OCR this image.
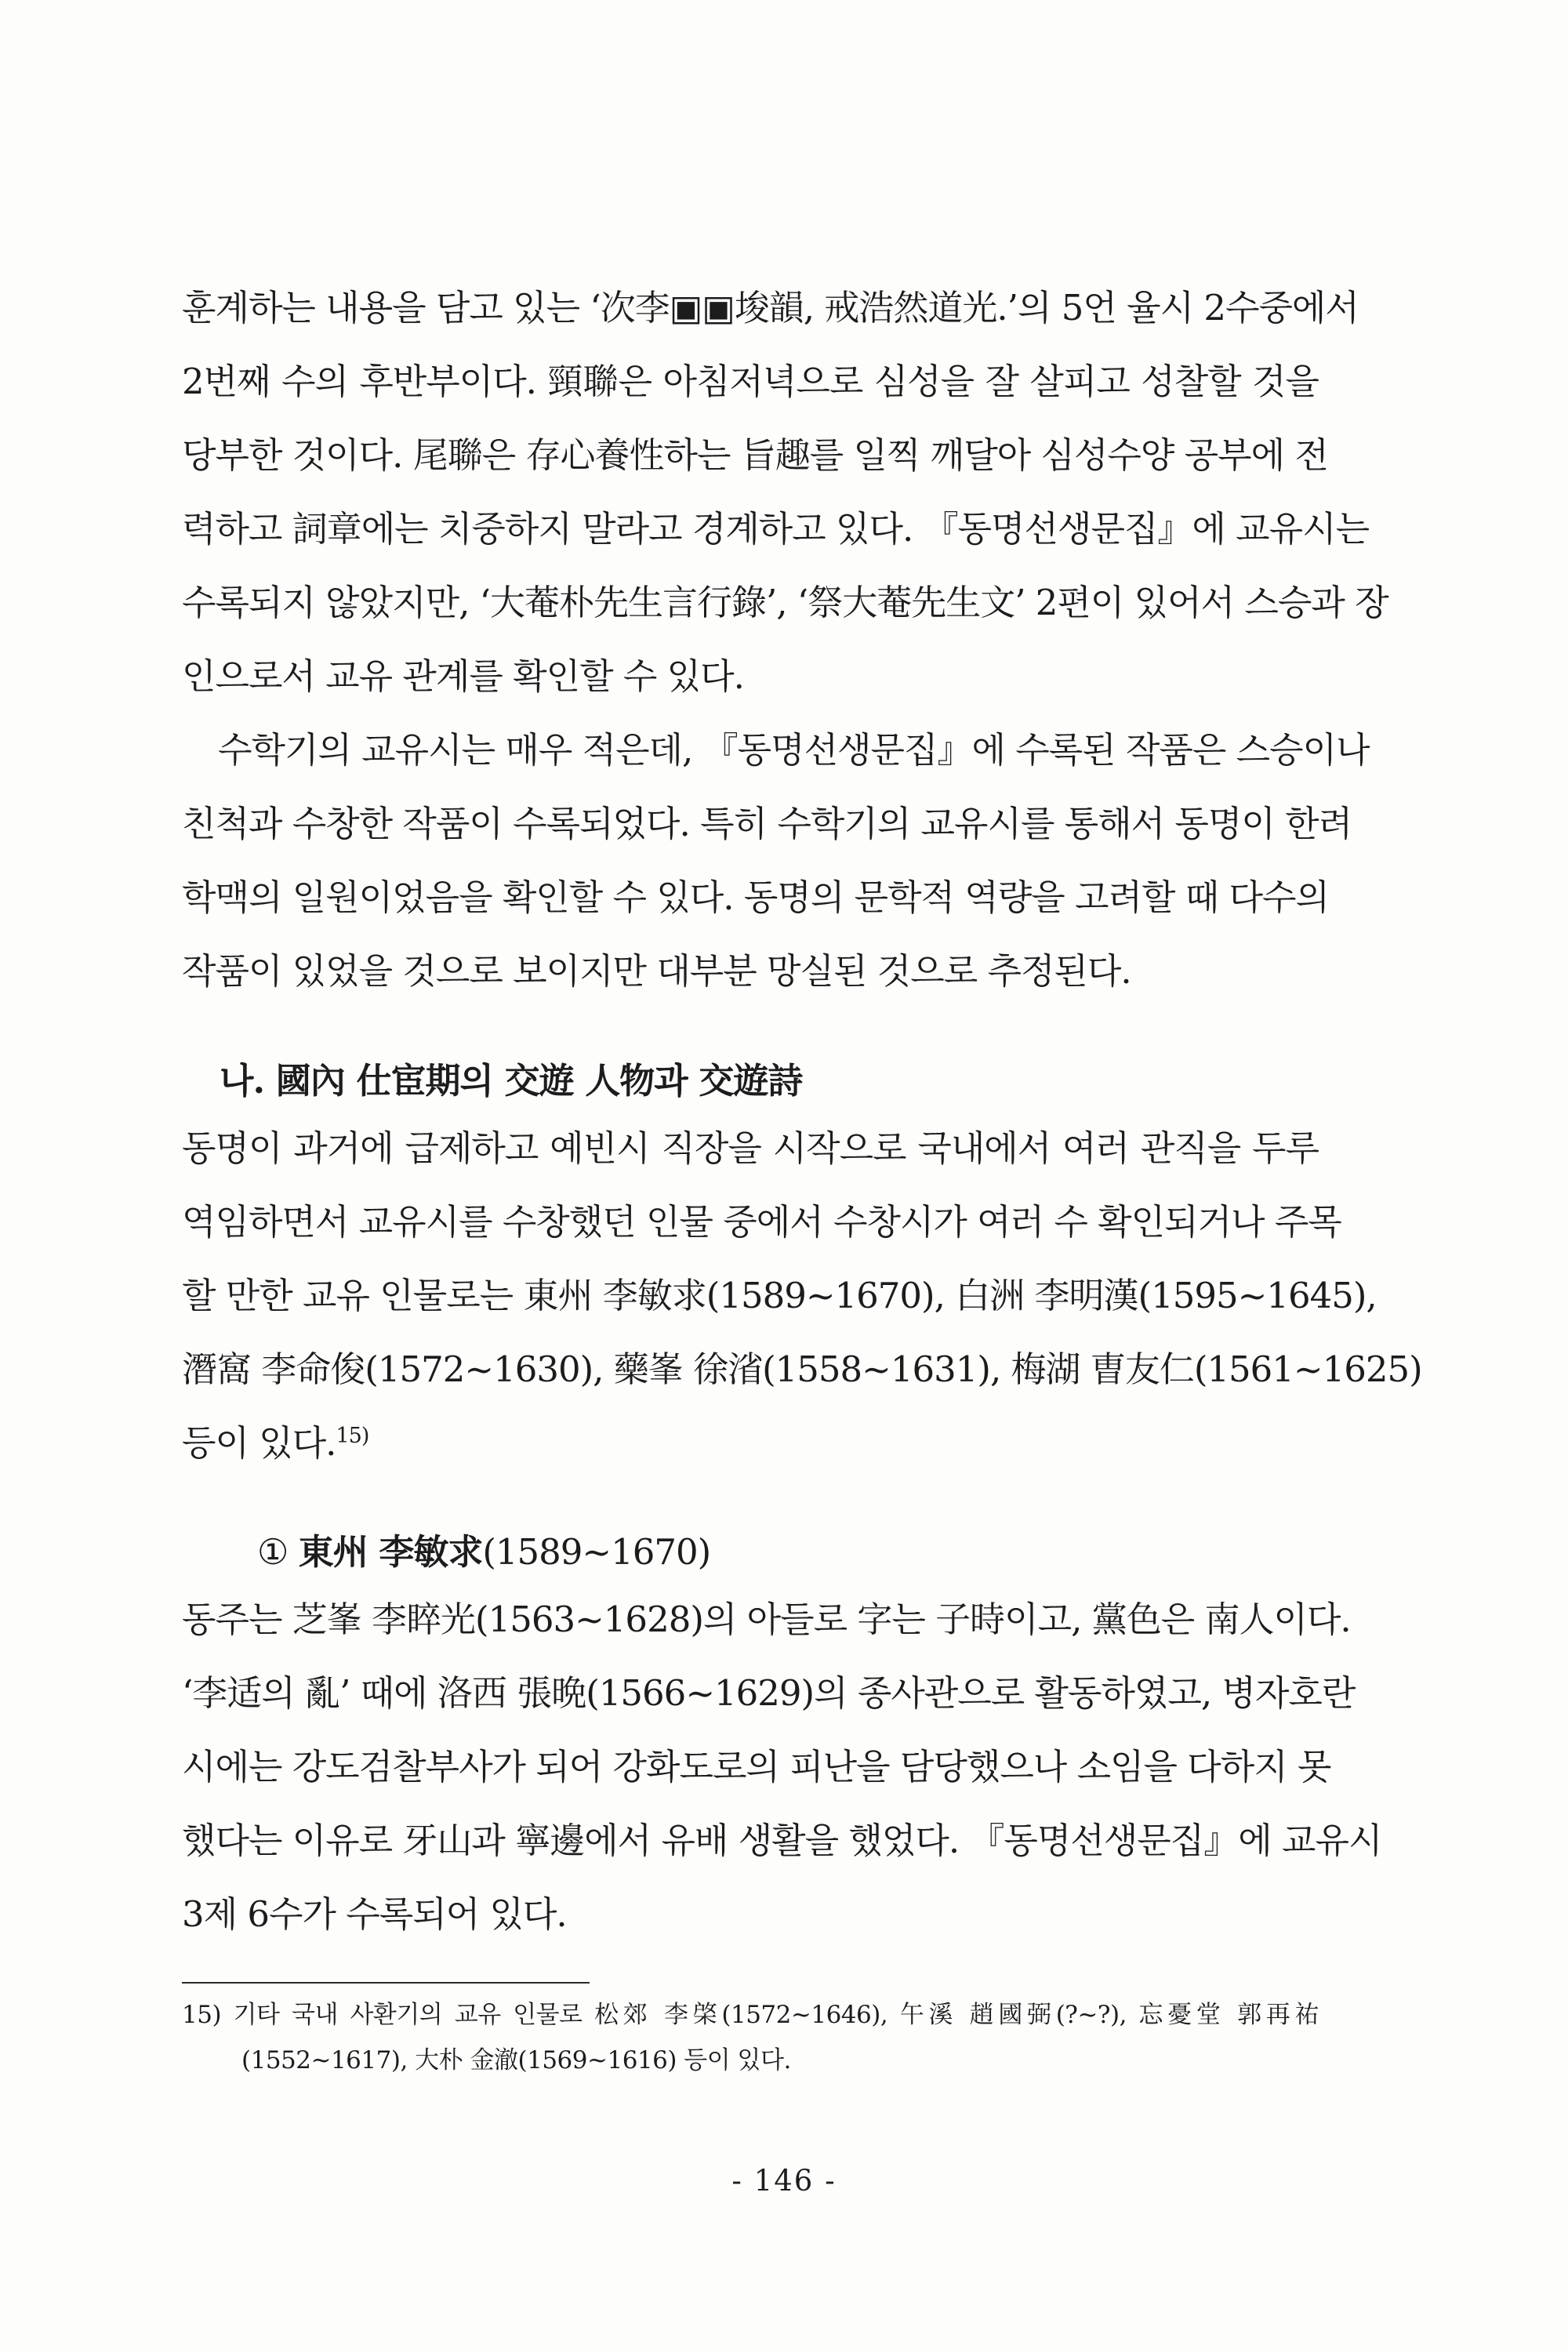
훈계하는 내용을 담고 있는 ‘次李▣▣埈韻, 戒浩然道光.’의 5언 율시 2수중에서
2번째 수의 후반부이다. 頸聯은 아침저녁으로 심성을 잘 살피고 성찰할 것을
당부한 것이다. 尾聯은 存心養性하는 旨趣를 일찍 깨달아 심성수양 공부에 전
력하고 詞章에는 치중하지 말라고 경계하고 있다. 『동명선생문집』에 교유시는
수록되지 않았지만, ‘大菴朴先生言行錄’, ‘祭大菴先生文’ 2편이 있어서 스승과 장
인으로서 교유 관계를 확인할 수 있다.
수학기의 교유시는 매우 적은데, 『동명선생문집』에 수록된 작품은 스승이나
친척과 수창한 작품이 수록되었다. 특히 수학기의 교유시를 통해서 동명이 한려
학맥의 일원이었음을 확인할 수 있다. 동명의 문학적 역량을 고려할 때 다수의
작품이 있었을 것으로 보이지만 대부분 망실된 것으로 추정된다.
나. 國內 仕宦期의 交遊 人物과 交遊詩
동명이 과거에 급제하고 예빈시 직장을 시작으로 국내에서 여러 관직을 두루
역임하면서 교유시를 수창했던 인물 중에서 수창시가 여러 수 확인되거나 주목
할 만한 교유 인물로는 東州 李敏求(1589~1670), 白洲 李明漢(1595~1645),
潛窩 李命俊(1572~1630), 藥峯 徐渻(1558~1631), 梅湖 曺友仁(1561~1625)
등이 있다.$^{15)}$
① 東州 李敏求(1589~1670)
동주는 芝峯 李睟光(1563~1628)의 아들로 字는 子時이고, 黨色은 南人이다.
‘李适의 亂’ 때에 洛西 張晩(1566~1629)의 종사관으로 활동하였고, 병자호란
시에는 강도검찰부사가 되어 강화도로의 피난을 담당했으나 소임을 다하지 못
했다는 이유로 牙山과 寧邊에서 유배 생활을 했었다. 『동명선생문집』에 교유시
3제 6수가 수록되어 있다.
15) 기타 국내 사환기의 교유 인물로 松郊 李棨(1572~1646), 午溪 趙國弼(?~?), 忘憂堂 郭再祐
(1552~1617), 大朴 金澈(1569~1616) 등이 있다.
- 146 -
